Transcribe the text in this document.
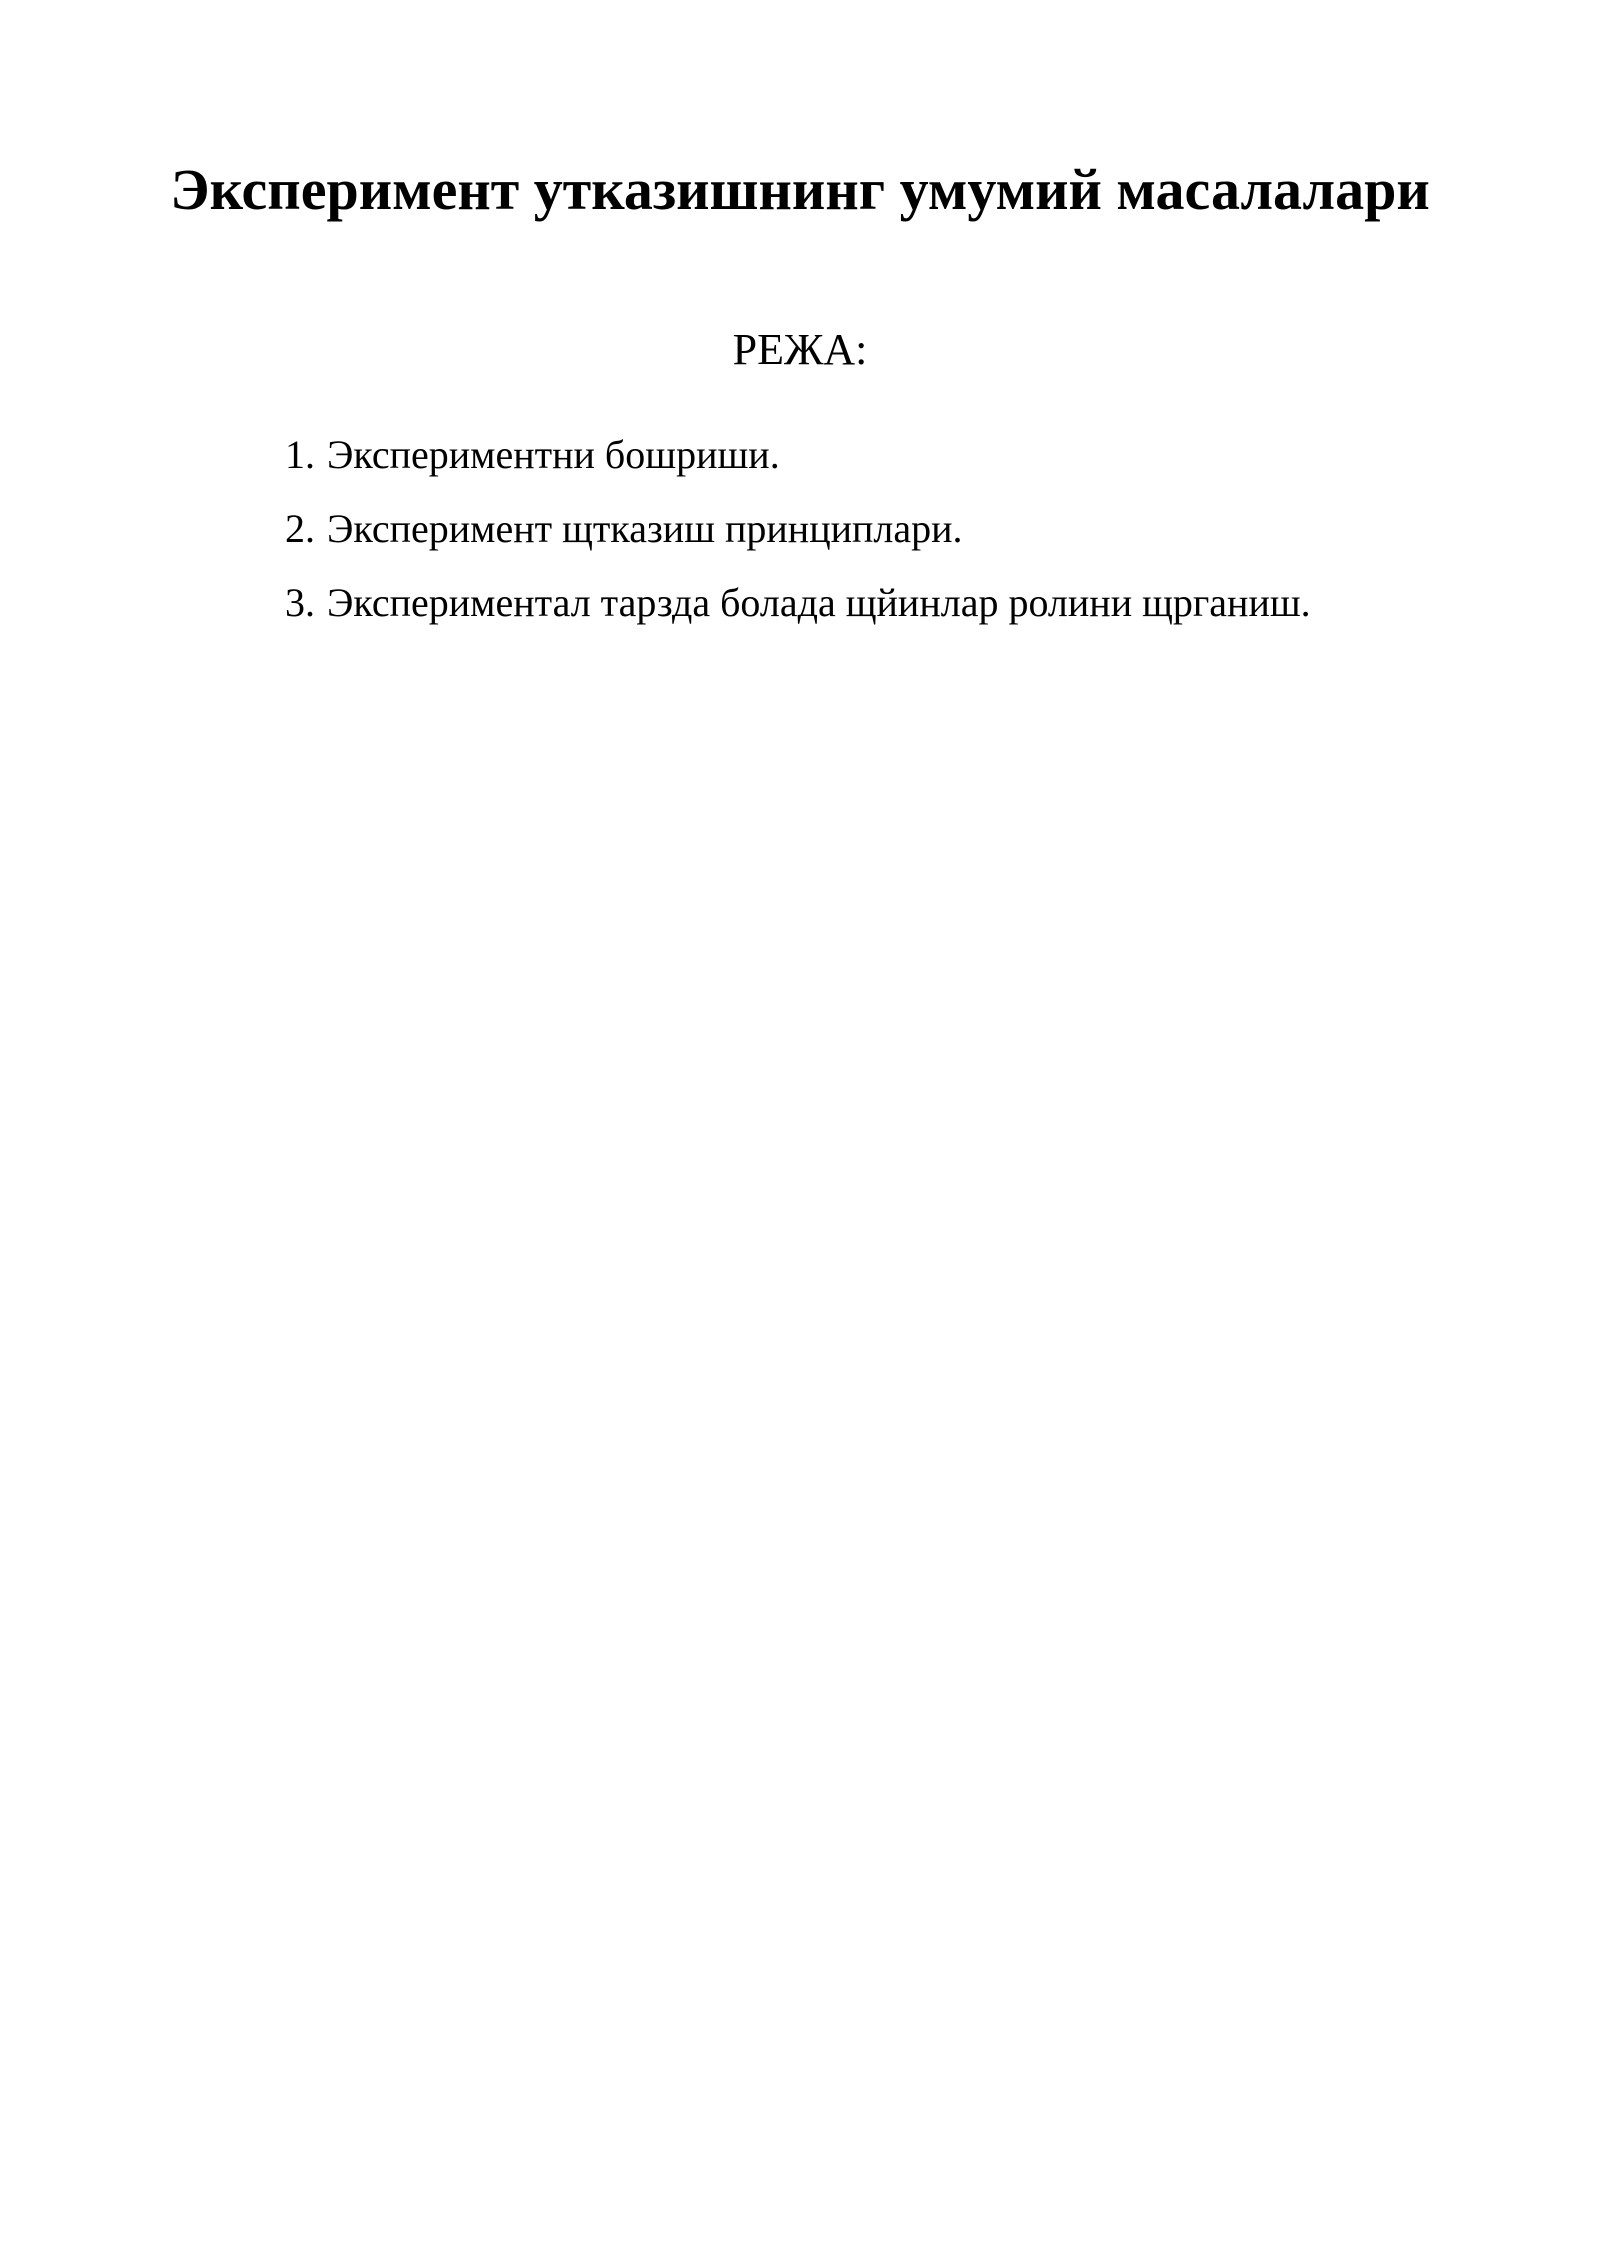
Эксперимент утказишнинг умумий масалалари
РЕЖА:
1. Экспериментни бошриши.
2. Эксперимент щтказиш принциплари.
3. Экспериментал тарзда болада щйинлар ролини щрганиш.
